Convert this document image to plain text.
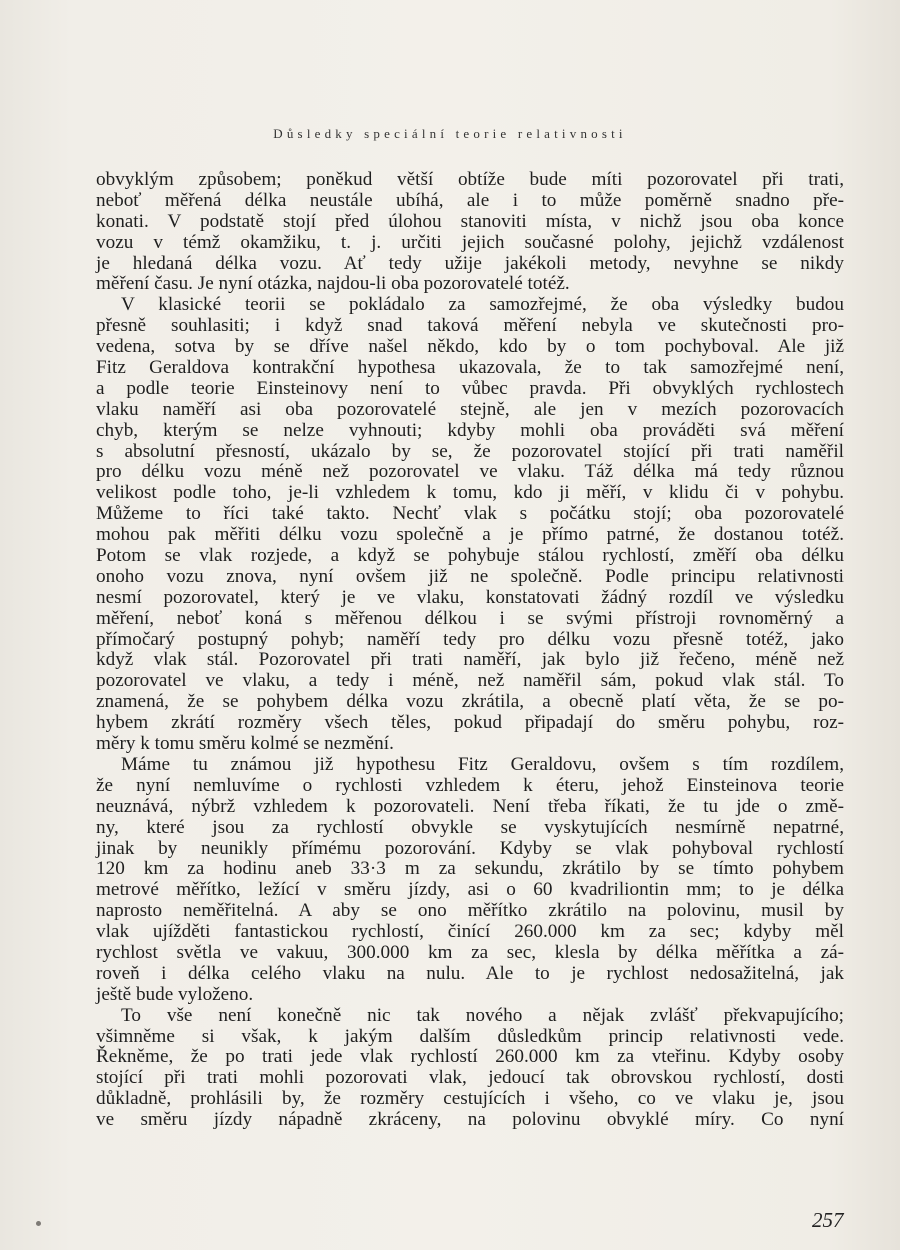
Důsledky speciální teorie relativnosti
obvyklým způsobem; poněkud větší obtíže bude míti pozorovatel při trati,
neboť měřená délka neustále ubíhá, ale i to může poměrně snadno pře-
konati. V podstatě stojí před úlohou stanoviti místa, v nichž jsou oba konce
vozu v témž okamžiku, t. j. určiti jejich současné polohy, jejichž vzdálenost
je hledaná délka vozu. Ať tedy užije jakékoli metody, nevyhne se nikdy
měření času. Je nyní otázka, najdou-li oba pozorovatelé totéž.
V klasické teorii se pokládalo za samozřejmé, že oba výsledky budou
přesně souhlasiti; i když snad taková měření nebyla ve skutečnosti pro-
vedena, sotva by se dříve našel někdo, kdo by o tom pochyboval. Ale již
Fitz Geraldova kontrakční hypothesa ukazovala, že to tak samozřejmé není,
a podle teorie Einsteinovy není to vůbec pravda. Při obvyklých rychlostech
vlaku naměří asi oba pozorovatelé stejně, ale jen v mezích pozorovacích
chyb, kterým se nelze vyhnouti; kdyby mohli oba prováděti svá měření
s absolutní přesností, ukázalo by se, že pozorovatel stojící při trati naměřil
pro délku vozu méně než pozorovatel ve vlaku. Táž délka má tedy různou
velikost podle toho, je-li vzhledem k tomu, kdo ji měří, v klidu či v pohybu.
Můžeme to říci také takto. Nechť vlak s počátku stojí; oba pozorovatelé
mohou pak měřiti délku vozu společně a je přímo patrné, že dostanou totéž.
Potom se vlak rozjede, a když se pohybuje stálou rychlostí, změří oba délku
onoho vozu znova, nyní ovšem již ne společně. Podle principu relativnosti
nesmí pozorovatel, který je ve vlaku, konstatovati žádný rozdíl ve výsledku
měření, neboť koná s měřenou délkou i se svými přístroji rovnoměrný a
přímočarý postupný pohyb; naměří tedy pro délku vozu přesně totéž, jako
když vlak stál. Pozorovatel při trati naměří, jak bylo již řečeno, méně než
pozorovatel ve vlaku, a tedy i méně, než naměřil sám, pokud vlak stál. To
znamená, že se pohybem délka vozu zkrátila, a obecně platí věta, že se po-
hybem zkrátí rozměry všech těles, pokud připadají do směru pohybu, roz-
měry k tomu směru kolmé se nezmění.
Máme tu známou již hypothesu Fitz Geraldovu, ovšem s tím rozdílem,
že nyní nemluvíme o rychlosti vzhledem k éteru, jehož Einsteinova teorie
neuznává, nýbrž vzhledem k pozorovateli. Není třeba říkati, že tu jde o změ-
ny, které jsou za rychlostí obvykle se vyskytujících nesmírně nepatrné,
jinak by neunikly přímému pozorování. Kdyby se vlak pohyboval rychlostí
120 km za hodinu aneb 33·3 m za sekundu, zkrátilo by se tímto pohybem
metrové měřítko, ležící v směru jízdy, asi o 60 kvadriliontin mm; to je délka
naprosto neměřitelná. A aby se ono měřítko zkrátilo na polovinu, musil by
vlak ujížděti fantastickou rychlostí, činící 260.000 km za sec; kdyby měl
rychlost světla ve vakuu, 300.000 km za sec, klesla by délka měřítka a zá-
roveň i délka celého vlaku na nulu. Ale to je rychlost nedosažitelná, jak
ještě bude vyloženo.
To vše není konečně nic tak nového a nějak zvlášť překvapujícího;
všimněme si však, k jakým dalším důsledkům princip relativnosti vede.
Řekněme, že po trati jede vlak rychlostí 260.000 km za vteřinu. Kdyby osoby
stojící při trati mohli pozorovati vlak, jedoucí tak obrovskou rychlostí, dosti
důkladně, prohlásili by, že rozměry cestujících i všeho, co ve vlaku je, jsou
ve směru jízdy nápadně zkráceny, na polovinu obvyklé míry. Co nyní
257
